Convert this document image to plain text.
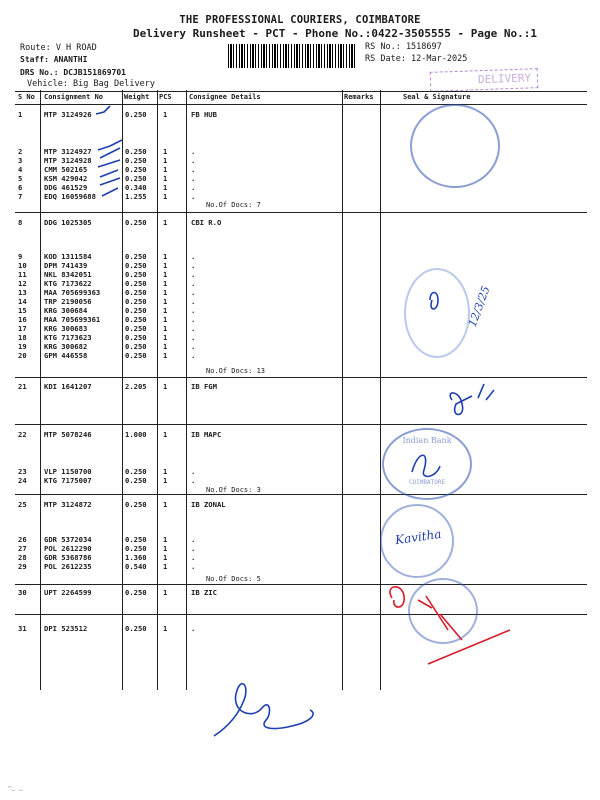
THE PROFESSIONAL COURIERS, COIMBATORE
Delivery Runsheet - PCT - Phone No.:0422-3505555 - Page No.:1
Route: V H ROAD
Staff: ANANTHI
DRS No.: DCJB151869701
Vehicle: Big Bag Delivery
RS No.: 1518697
RS Date: 12-Mar-2025
DELIVERY
S No Consignment No	Weight PCS Consignee Details	Remarks	Seal & Signature
1	MTP 3124926	0.250 1	FB HUB
2	MTP 3124927	0.250 1	.
3	MTP 3124928	0.250 1	.
4	CMM 502165	0.250 1	.
5	KSM 429042	0.250 1	.
6	DDG 461529	0.340 1	.
7	EDQ 16059688	1.255 1	.
8	DDG 1025305	0.250 1	CBI R.O
9	KOD 1311584	0.250 1	.
10 DPM 741439	0.250 1	.
11 NKL 8342051	0.250 1	.
12 KTG 7173622	0.250 1	.
13 MAA 705699363	0.250 1	.
14 TRP 2190056	0.250 1	.
15 KRG 300684	0.250 1	.
16 MAA 705699361	0.250 1	.
17 KRG 300683	0.250 1	.
18 KTG 7173623	0.250 1	.
19 KRG 300682	0.250 1	.
20 GPM 446558	0.250 1	.
21 KDI 1641207	2.205 1	IB FGM
22 MTP 5078246	1.000 1	IB MAPC
23 VLP 1150700	0.250 1	.
24 KTG 7175007	0.250 1	.
25 MTP 3124872	0.250 1	IB ZONAL
26 GDR 5372034	0.250 1	.
27 POL 2612290	0.250 1	.
28 GDR 5368786	1.360 1	.
29 POL 2612235	0.540 1	.
30 UPT 2264599	0.250 1	IB ZIC
31 DPI 523512	0.250 1	.
No.Of Docs: 7
No.Of Docs: 13
No.Of Docs: 3
No.Of Docs: 5
Indian Bank
COIMBATORE
12/3/25
Kavitha
⌒‿ ‿
